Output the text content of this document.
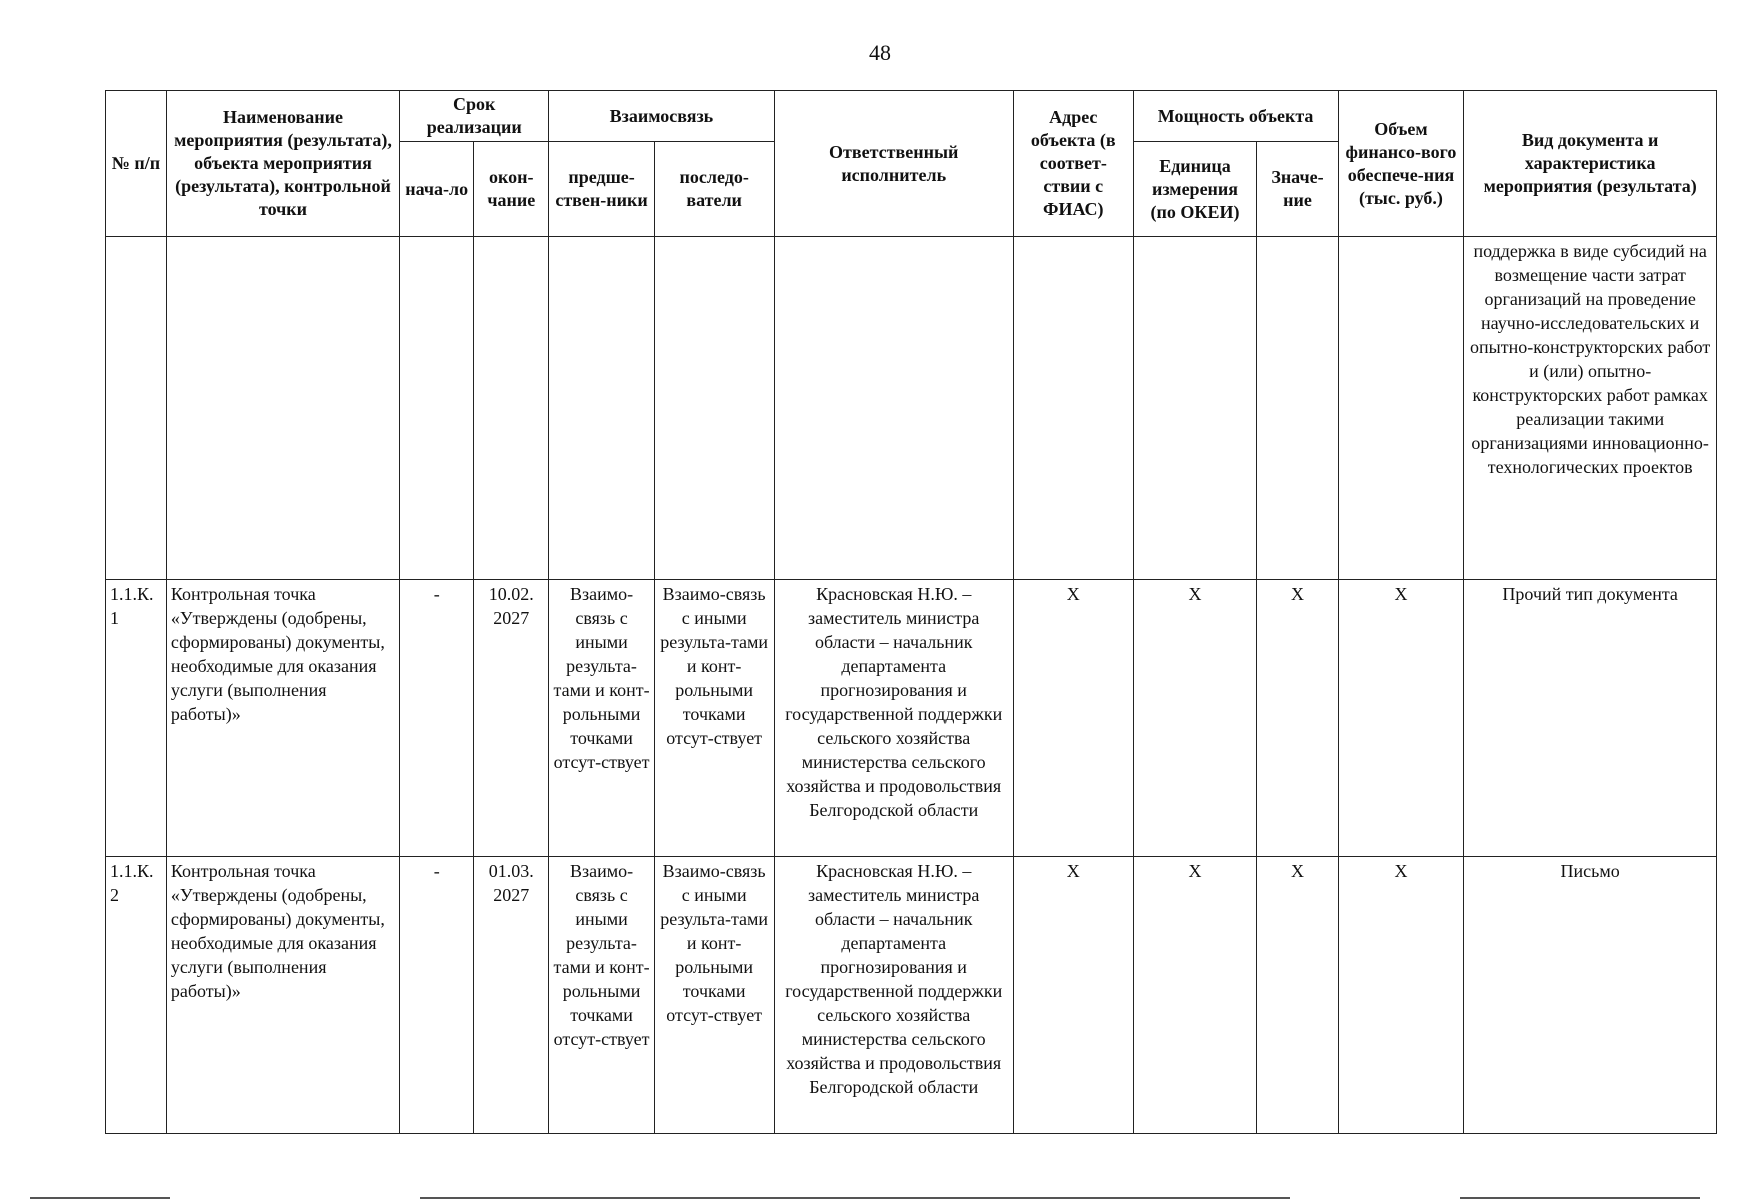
48
№ п/п	Наименование мероприятия (результата), объекта мероприятия (результата), контрольной точки	Срок реализации		Взаимосвязь		Ответственный исполнитель	Адрес объекта (в соответ-ствии с ФИАС)	Мощность объекта		Объем финансо-вого обеспече-ния (тыс. руб.)	Вид документа и характеристика мероприятия (результата)
		нача-ло	окон-чание	предше-ствен-ники	последо-ватели			Единица измерения (по ОКЕИ)	Значе-ние		
											поддержка в виде субсидий на возмещение части затрат организаций на проведение научно-исследовательских и опытно-конструкторских работ и (или) опытно-конструкторских работ рамках реализации такими организациями инновационно-технологических проектов
1.1.К.1	Контрольная точка «Утверждены (одобрены, сформированы) документы, необходимые для оказания услуги (выполнения работы)»	-	10.02. 2027	Взаимо-связь с иными результа-тами и конт-рольными точками отсут-ствует	Взаимо-связь с иными результа-тами и конт-рольными точками отсут-ствует	Красновская Н.Ю. – заместитель министра области – начальник департамента прогнозирования и государственной поддержки сельского хозяйства министерства сельского хозяйства и продовольствия Белгородской области	Х	Х	Х	Х	Прочий тип документа
1.1.К.2	Контрольная точка «Утверждены (одобрены, сформированы) документы, необходимые для оказания услуги (выполнения работы)»	-	01.03. 2027	Взаимо-связь с иными результа-тами и конт-рольными точками отсут-ствует	Взаимо-связь с иными результа-тами и конт-рольными точками отсут-ствует	Красновская Н.Ю. – заместитель министра области – начальник департамента прогнозирования и государственной поддержки сельского хозяйства министерства сельского хозяйства и продовольствия Белгородской области	Х	Х	Х	Х	Письмо
